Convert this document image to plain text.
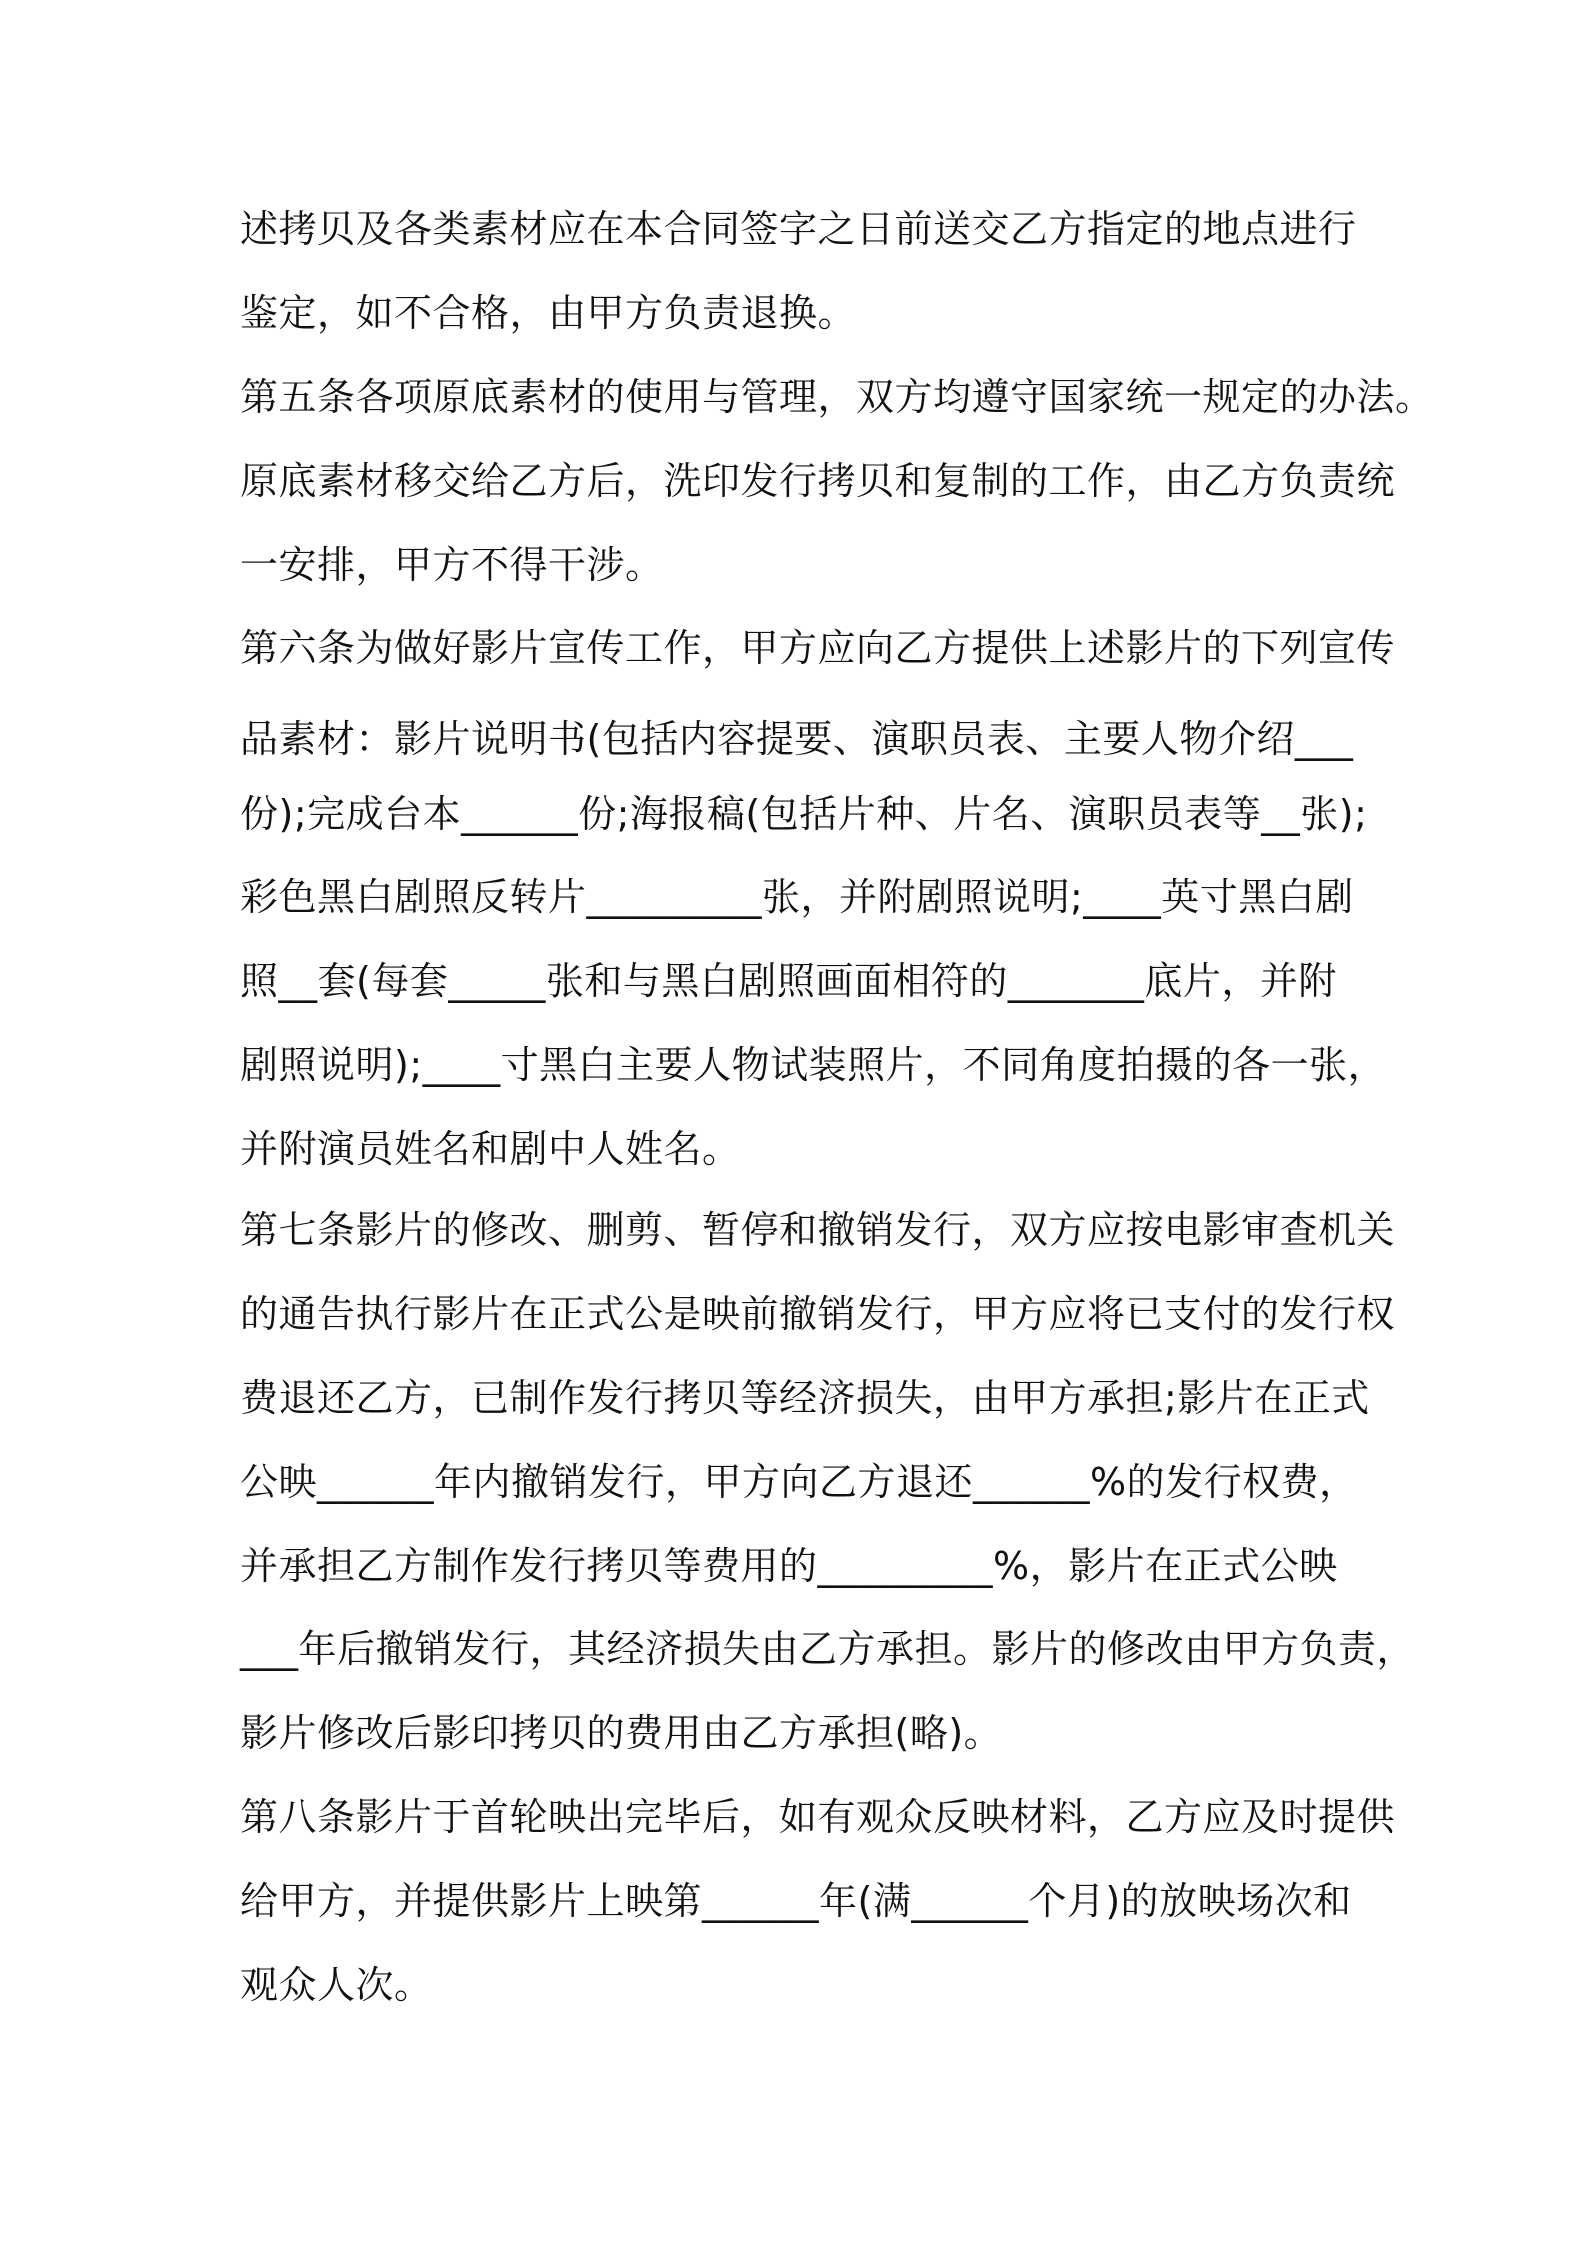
述拷贝及各类素材应在本合同签字之日前送交乙方指定的地点进行
鉴定，如不合格，由甲方负责退换。
第五条各项原底素材的使用与管理，双方均遵守国家统一规定的办法。
原底素材移交给乙方后，洗印发行拷贝和复制的工作，由乙方负责统
一安排，甲方不得干涉。
第六条为做好影片宣传工作，甲方应向乙方提供上述影片的下列宣传
品素材：影片说明书(包括内容提要、演职员表、主要人物介绍___
份);完成台本______份;海报稿(包括片种、片名、演职员表等__张);
彩色黑白剧照反转片_________张，并附剧照说明;____英寸黑白剧
照__套(每套_____张和与黑白剧照画面相符的_______底片，并附
剧照说明);____寸黑白主要人物试装照片，不同角度拍摄的各一张，
并附演员姓名和剧中人姓名。
第七条影片的修改、删剪、暂停和撤销发行，双方应按电影审查机关
的通告执行影片在正式公是映前撤销发行，甲方应将已支付的发行权
费退还乙方，已制作发行拷贝等经济损失，由甲方承担;影片在正式
公映______年内撤销发行，甲方向乙方退还______%的发行权费，
并承担乙方制作发行拷贝等费用的_________%，影片在正式公映
___年后撤销发行，其经济损失由乙方承担。影片的修改由甲方负责，
影片修改后影印拷贝的费用由乙方承担(略)。
第八条影片于首轮映出完毕后，如有观众反映材料，乙方应及时提供
给甲方，并提供影片上映第______年(满______个月)的放映场次和
观众人次。
